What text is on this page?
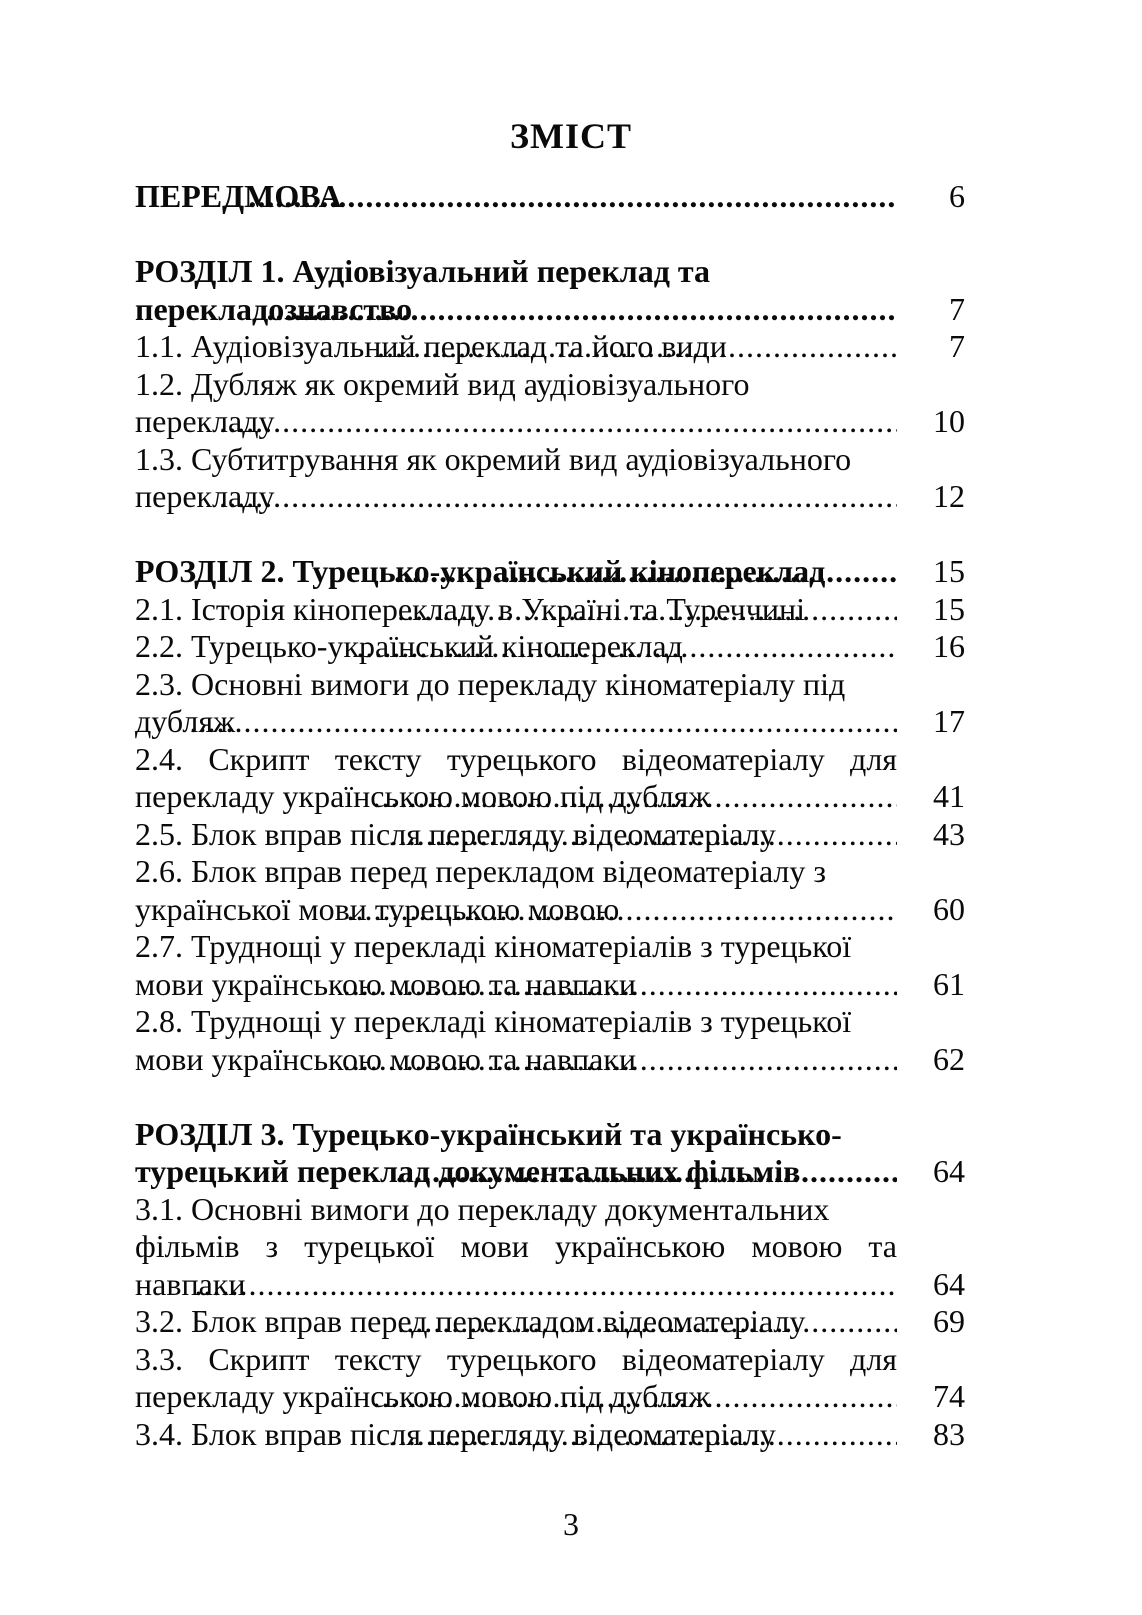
ЗМІСТ
ПЕРЕДМОВА .....	6
РОЗДІЛ 1. Аудіовізуальний переклад та
перекладознавство .....	7
1.1. Аудіовізуальний переклад та його види .....	7
1.2. Дубляж як окремий вид аудіовізуального
перекладу .....	10
1.3. Субтитрування як окремий вид аудіовізуального
перекладу .....	12
РОЗДІЛ 2. Турецько-український кінопереклад .....	15
2.1. Історія кіноперекладу в Україні та Туреччині .....	15
2.2. Турецько-український кінопереклад .....	16
2.3. Основні вимоги до перекладу кіноматеріалу під
дубляж .....	17
2.4. Скрипт тексту турецького відеоматеріалу для
перекладу українською мовою під дубляж .....	41
2.5. Блок вправ після перегляду відеоматеріалу .....	43
2.6. Блок вправ перед перекладом відеоматеріалу з
української мови турецькою мовою .....	60
2.7. Труднощі у перекладі кіноматеріалів з турецької
мови українською мовою та навпаки .....	61
2.8. Труднощі у перекладі кіноматеріалів з турецької
мови українською мовою та навпаки .....	62
РОЗДІЛ 3. Турецько-український та українсько-
турецький переклад документальних фільмів .....	64
3.1. Основні вимоги до перекладу документальних
фільмів з турецької мови українською мовою та
навпаки .....	64
3.2. Блок вправ перед перекладом відеоматеріалу .....	69
3.3. Скрипт тексту турецького відеоматеріалу для
перекладу українською мовою під дубляж .....	74
3.4. Блок вправ після перегляду відеоматеріалу .....	83
3
